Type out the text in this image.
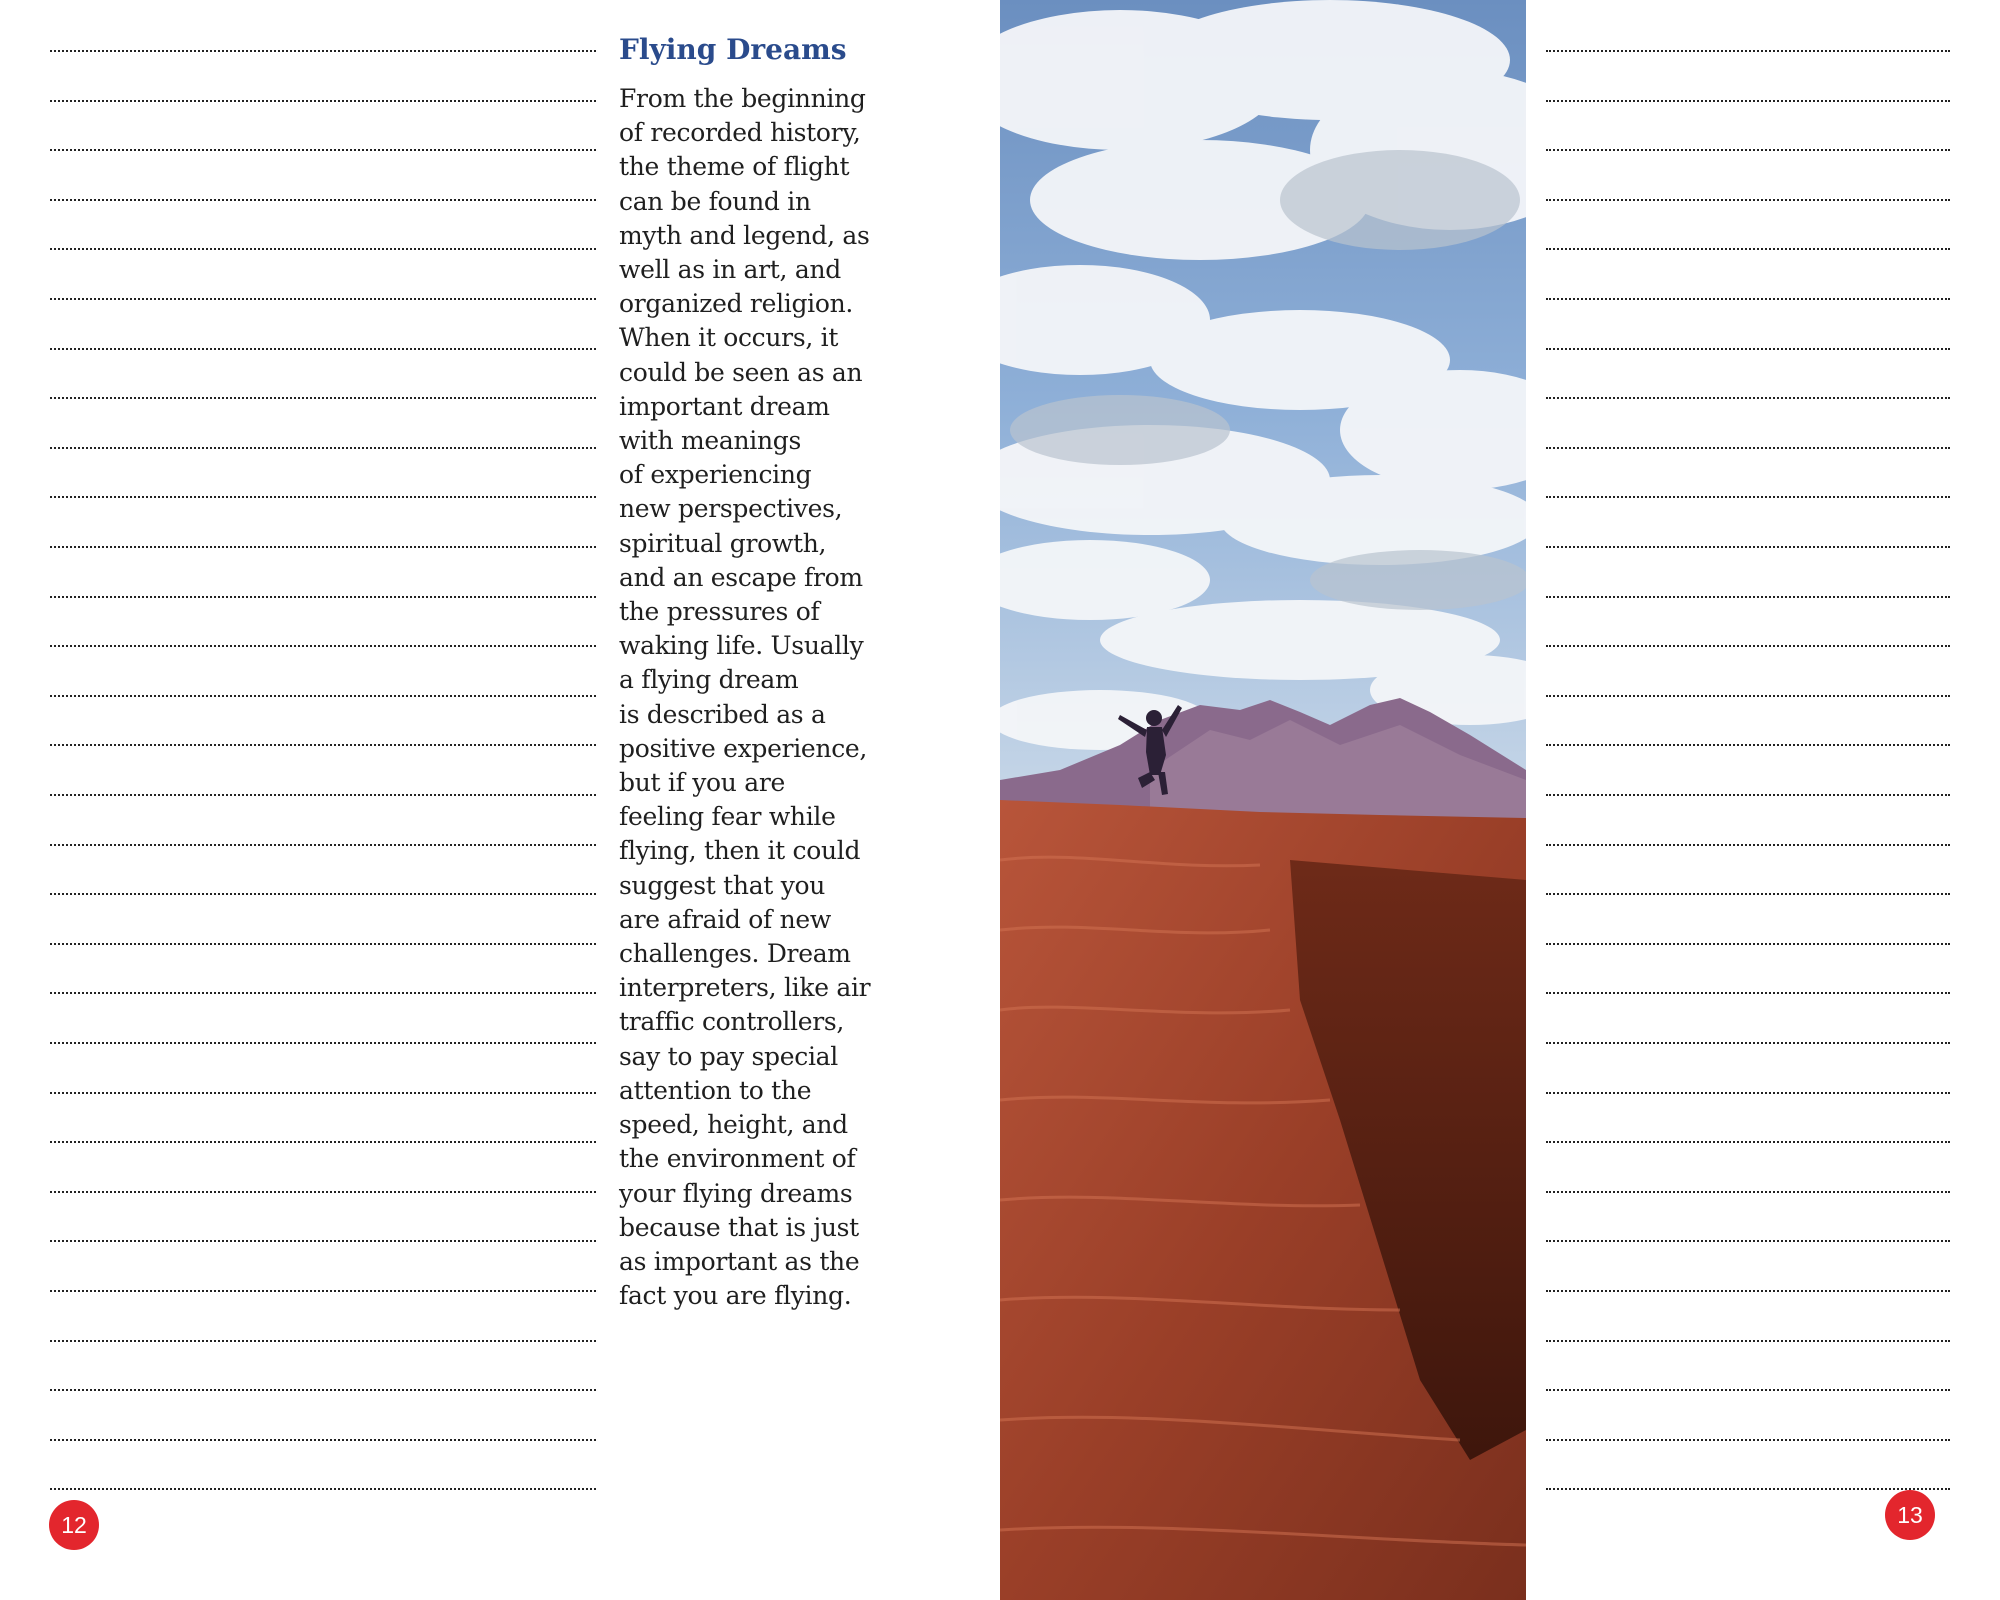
Flying Dreams

From the beginning
of recorded history,
the theme of flight
can be found in
myth and legend, as
well as in art, and
organized religion.
When it occurs, it
could be seen as an
important dream
with meanings
of experiencing
new perspectives,
spiritual growth,
and an escape from
the pressures of
waking life. Usually
a flying dream
is described as a
positive experience,
but if you are
feeling fear while
flying, then it could
suggest that you
are afraid of new
challenges. Dream
interpreters, like air
traffic controllers,
say to pay special
attention to the
speed, height, and
the environment of
your flying dreams
because that is just
as important as the
fact you are flying.

12	13
